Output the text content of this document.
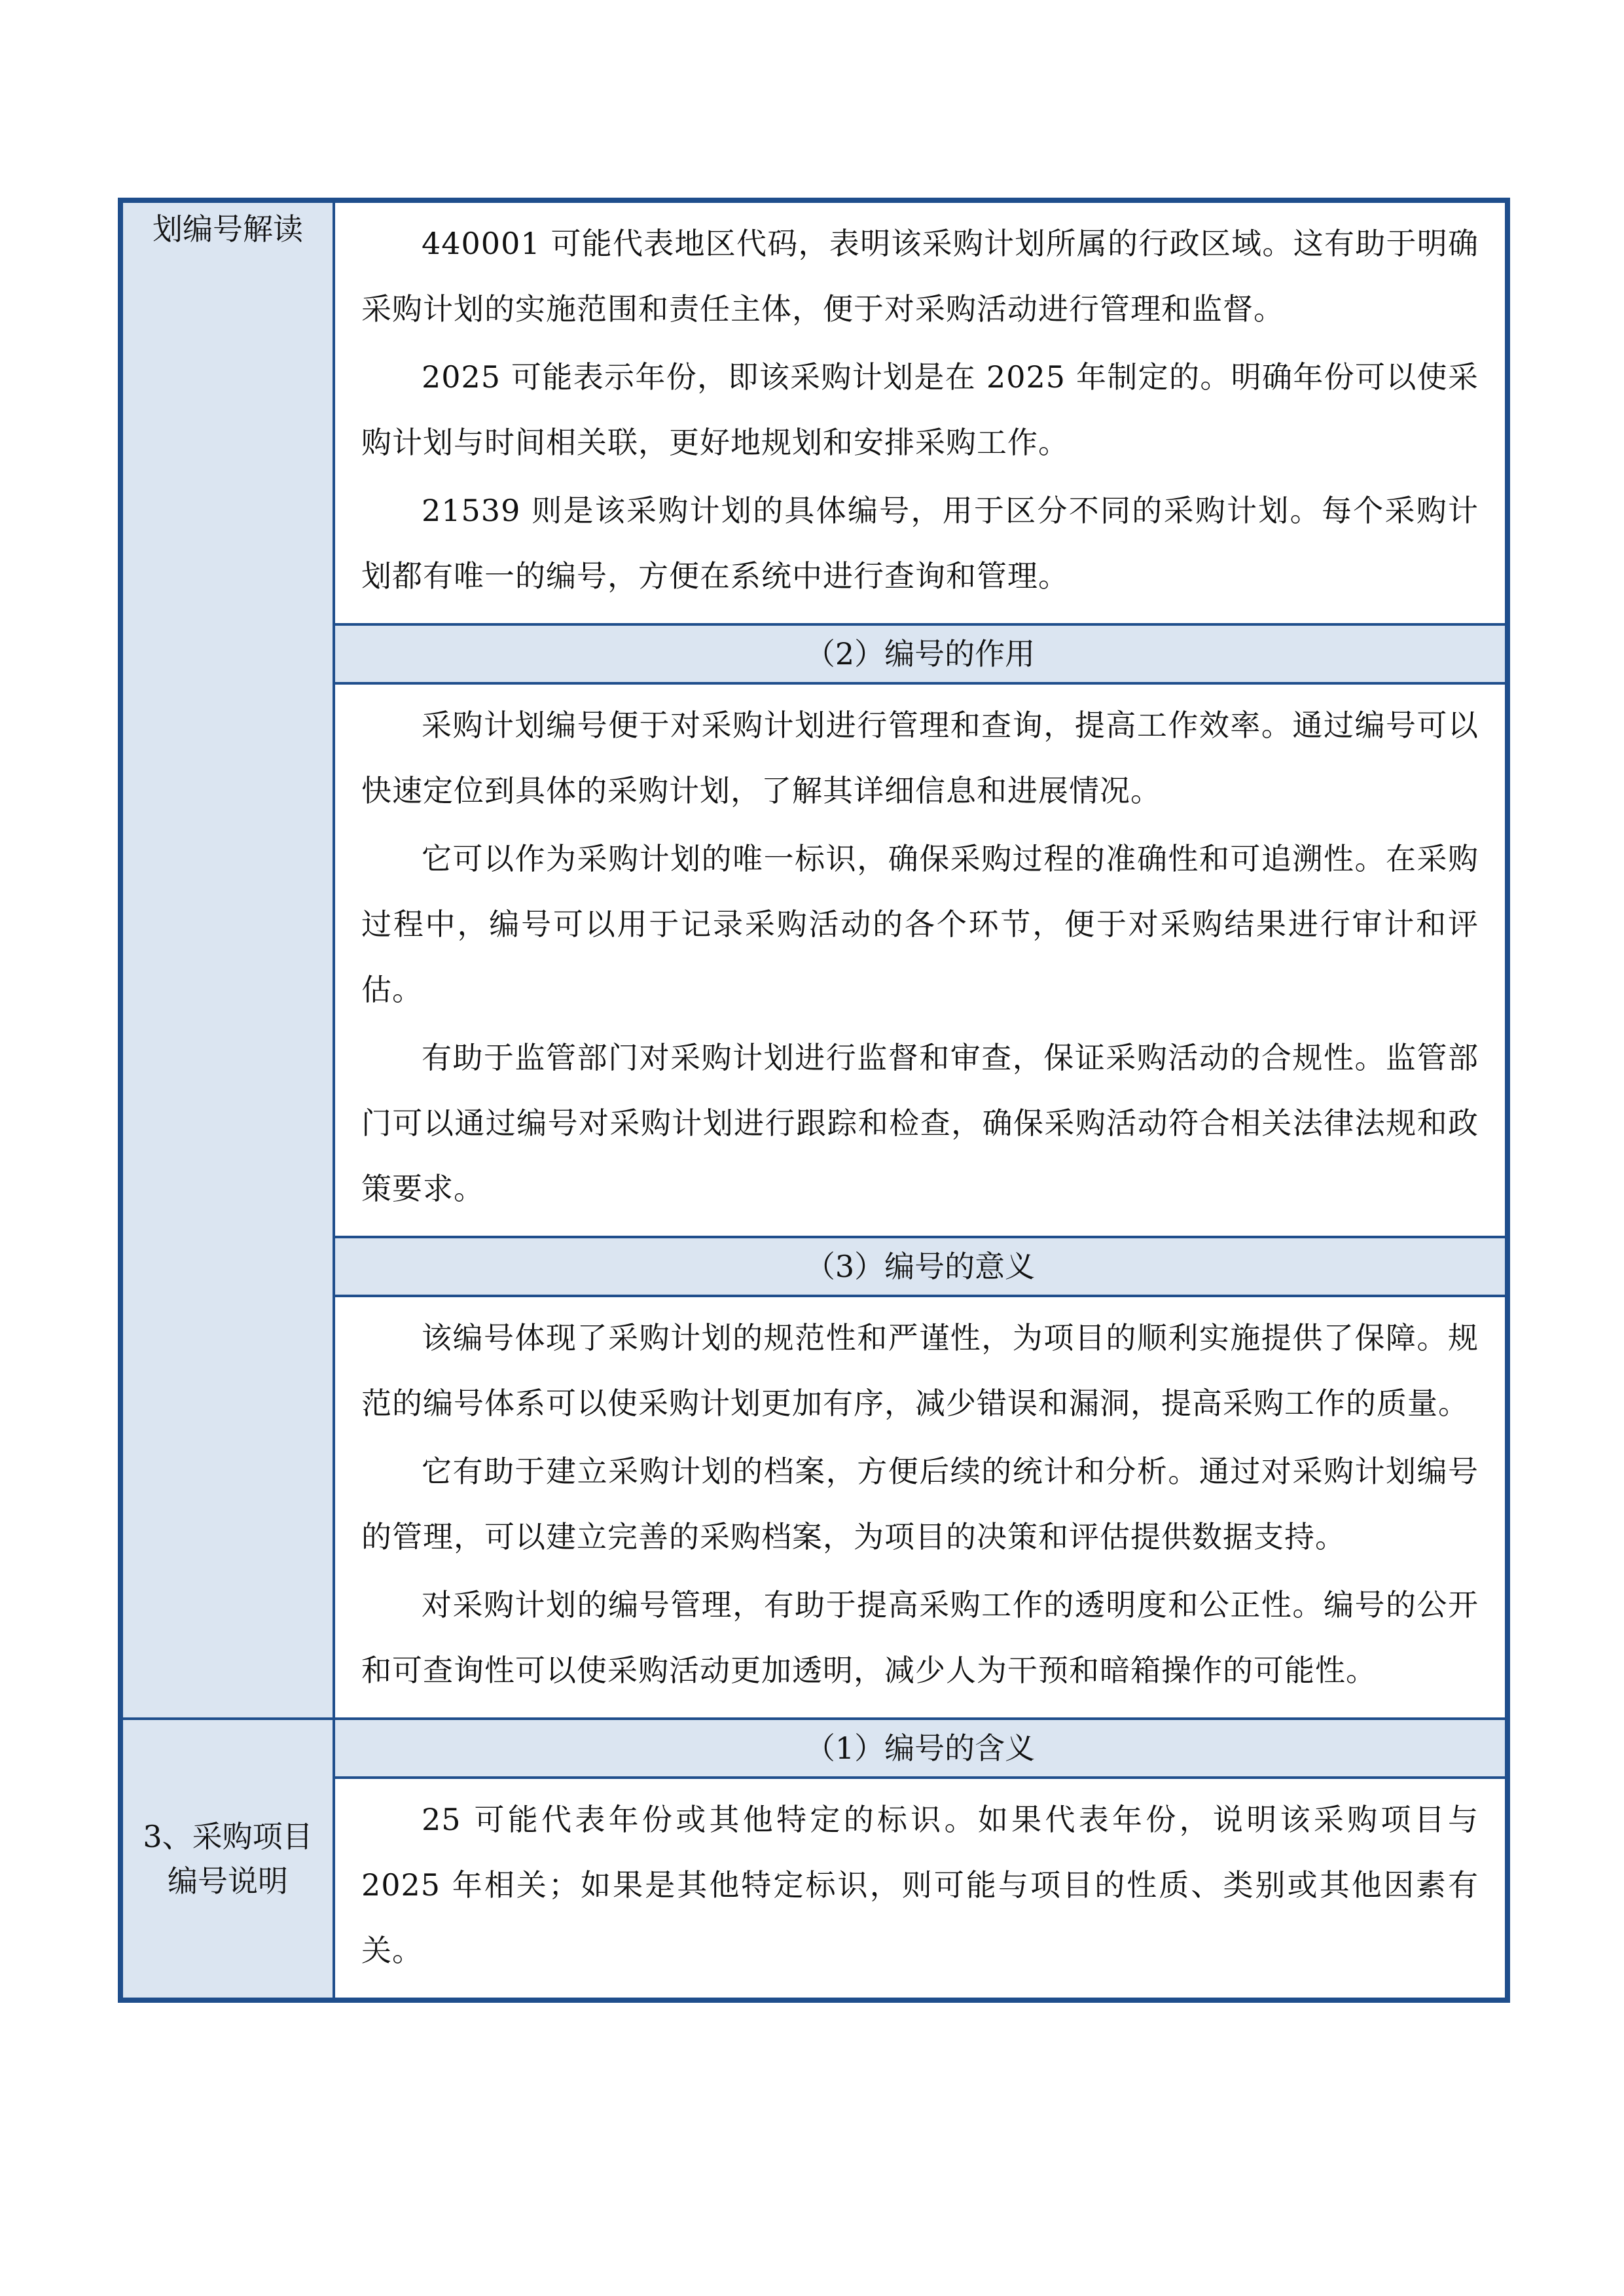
划编号解读	440001 可能代表地区代码，表明该采购计划所属的行政区域。这有助于明确采购计划的实施范围和责任主体，便于对采购活动进行管理和监督。

2025 可能表示年份，即该采购计划是在 2025 年制定的。明确年份可以使采购计划与时间相关联，更好地规划和安排采购工作。

21539 则是该采购计划的具体编号，用于区分不同的采购计划。每个采购计划都有唯一的编号，方便在系统中进行查询和管理。

	（2）编号的作用

	采购计划编号便于对采购计划进行管理和查询，提高工作效率。通过编号可以快速定位到具体的采购计划，了解其详细信息和进展情况。

它可以作为采购计划的唯一标识，确保采购过程的准确性和可追溯性。在采购过程中，编号可以用于记录采购活动的各个环节，便于对采购结果进行审计和评估。

有助于监管部门对采购计划进行监督和审查，保证采购活动的合规性。监管部门可以通过编号对采购计划进行跟踪和检查，确保采购活动符合相关法律法规和政策要求。

	（3）编号的意义

	该编号体现了采购计划的规范性和严谨性，为项目的顺利实施提供了保障。规范的编号体系可以使采购计划更加有序，减少错误和漏洞，提高采购工作的质量。

它有助于建立采购计划的档案，方便后续的统计和分析。通过对采购计划编号的管理，可以建立完善的采购档案，为项目的决策和评估提供数据支持。

对采购计划的编号管理，有助于提高采购工作的透明度和公正性。编号的公开和可查询性可以使采购活动更加透明，减少人为干预和暗箱操作的可能性。

3、采购项目编号说明	（1）编号的含义

	25 可能代表年份或其他特定的标识。如果代表年份，说明该采购项目与 2025 年相关；如果是其他特定标识，则可能与项目的性质、类别或其他因素有关。
